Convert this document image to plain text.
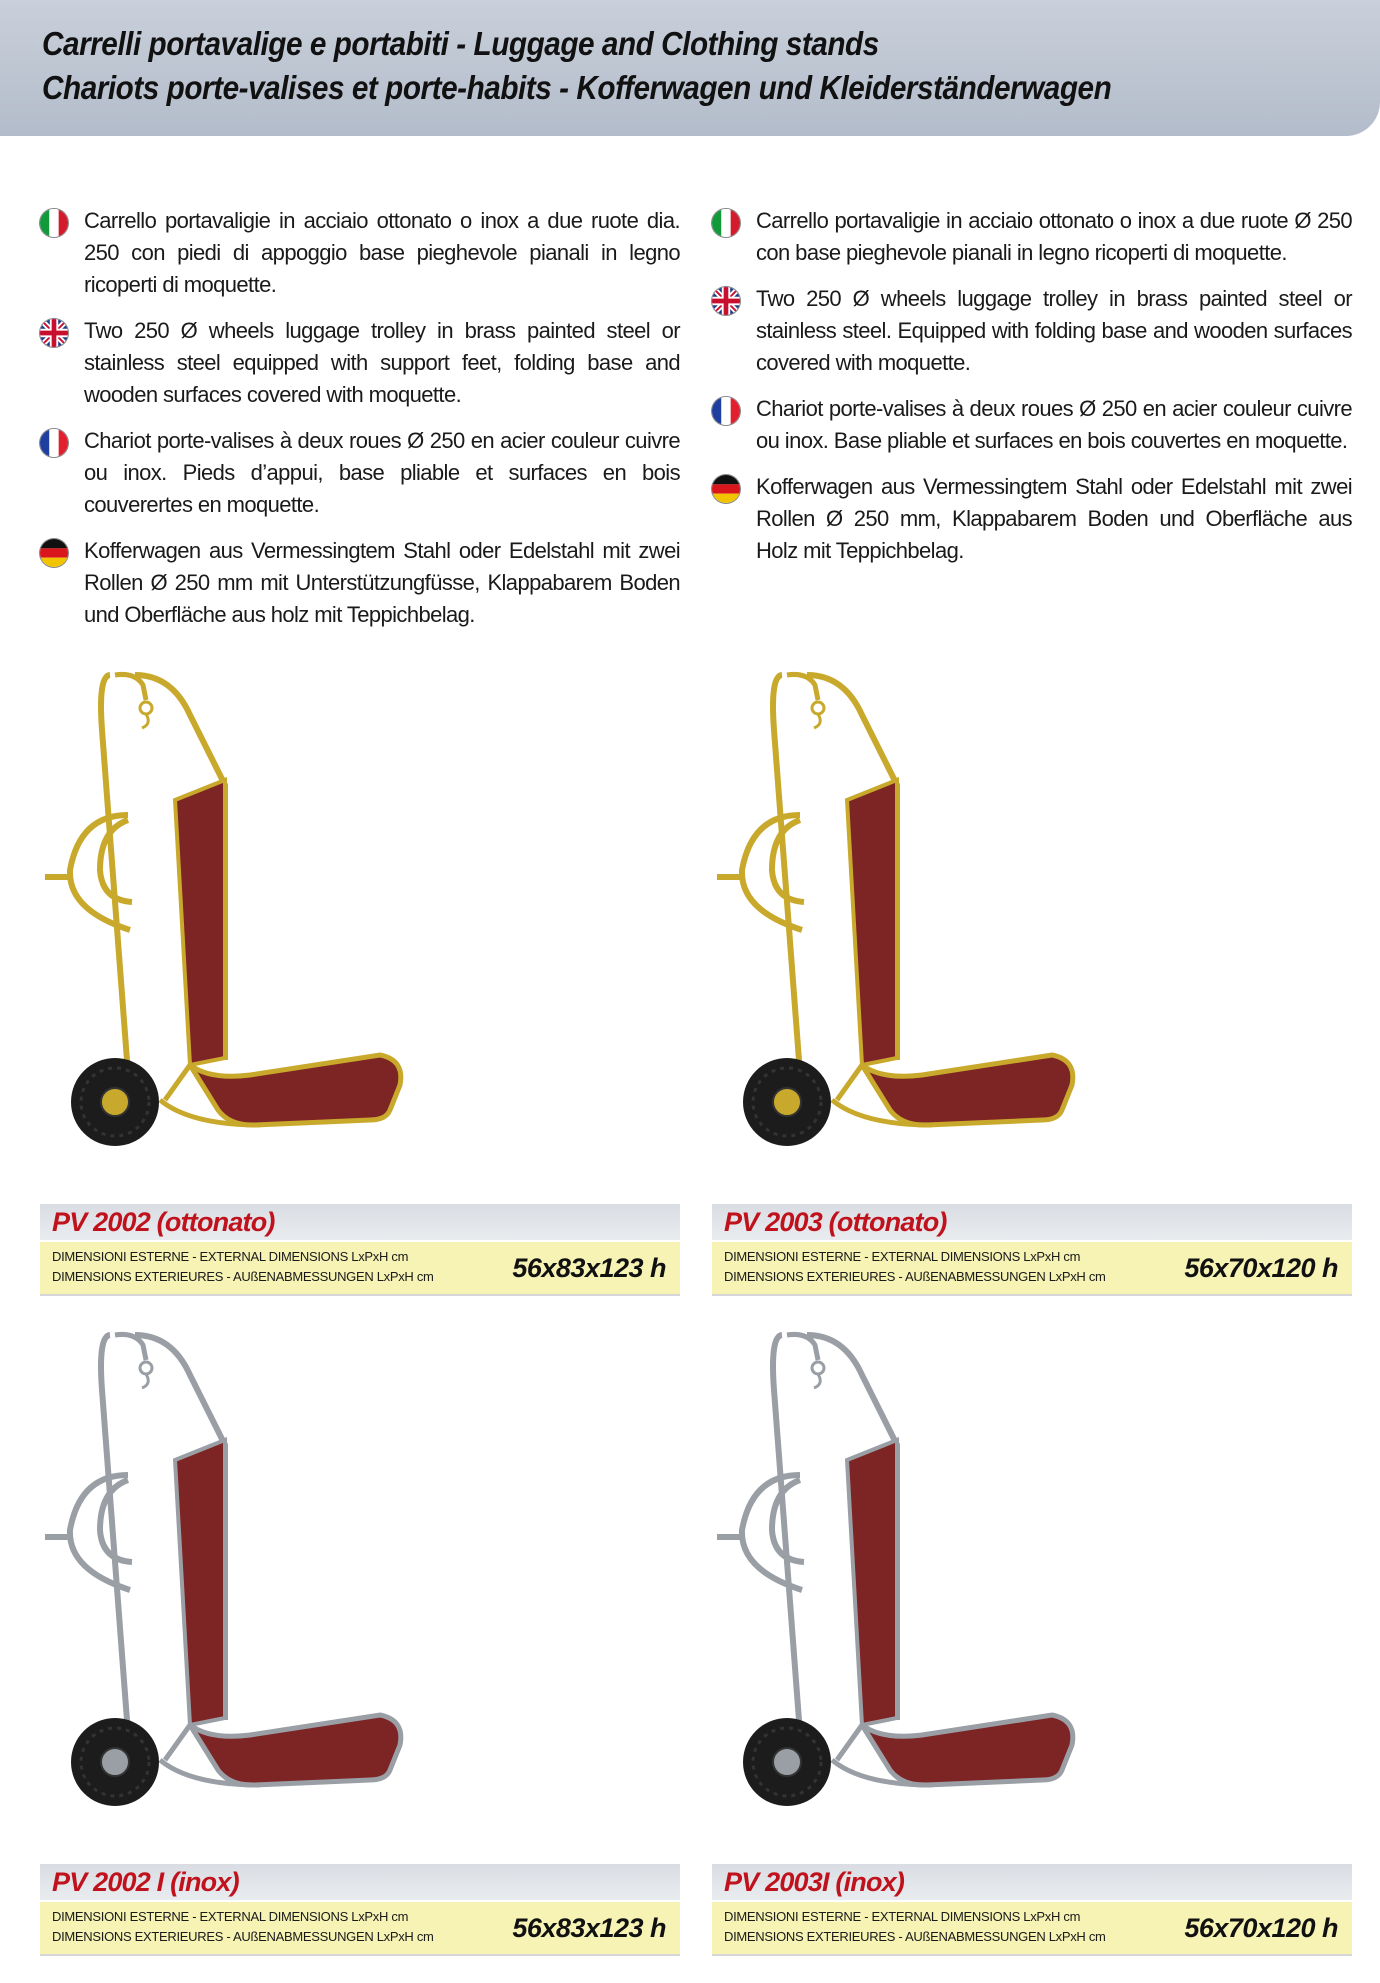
Carrelli portavalige e portabiti - Luggage and Clothing stands
Chariots porte-valises et porte-habits - Kofferwagen und Kleiderständerwagen
Carrello portavaligie in acciaio ottonato o inox a due ruote dia. 250 con piedi di appoggio base pieghevole pianali in legno ricoperti di moquette.
Two 250 Ø wheels luggage trolley in brass painted steel or stainless steel equipped with support feet, folding base and wooden surfaces covered with moquette.
Chariot porte-valises à deux roues Ø 250 en acier couleur cuivre ou inox. Pieds d’appui, base pliable et surfaces en bois couverertes en moquette.
Kofferwagen aus Vermessingtem Stahl oder Edelstahl mit zwei Rollen Ø 250 mm mit Unterstützungfüsse, Klappabarem Boden und Oberfläche aus holz mit Teppichbelag.
Carrello portavaligie in acciaio ottonato o inox a due ruote Ø 250 con base pieghevole pianali in legno ricoperti di moquette.
Two 250 Ø wheels luggage trolley in brass painted steel or stainless steel. Equipped with folding base and wooden surfaces covered with moquette.
Chariot porte-valises à deux roues Ø 250 en acier couleur cuivre ou inox. Base pliable et surfaces en bois couvertes en moquette.
Kofferwagen aus Vermessingtem Stahl oder Edelstahl mit zwei Rollen Ø 250 mm, Klappabarem Boden und Oberfläche aus Holz mit Teppichbelag.
PV 2002 (ottonato)
DIMENSIONI ESTERNE - EXTERNAL DIMENSIONS LxPxH cm
DIMENSIONS EXTERIEURES - AUßENABMESSUNGEN LxPxH cm	56x83x123 h
PV 2003 (ottonato)
DIMENSIONI ESTERNE - EXTERNAL DIMENSIONS LxPxH cm
DIMENSIONS EXTERIEURES - AUßENABMESSUNGEN LxPxH cm	56x70x120 h
PV 2002 I (inox)
DIMENSIONI ESTERNE - EXTERNAL DIMENSIONS LxPxH cm
DIMENSIONS EXTERIEURES - AUßENABMESSUNGEN LxPxH cm	56x83x123 h
PV 2003I (inox)
DIMENSIONI ESTERNE - EXTERNAL DIMENSIONS LxPxH cm
DIMENSIONS EXTERIEURES - AUßENABMESSUNGEN LxPxH cm	56x70x120 h
